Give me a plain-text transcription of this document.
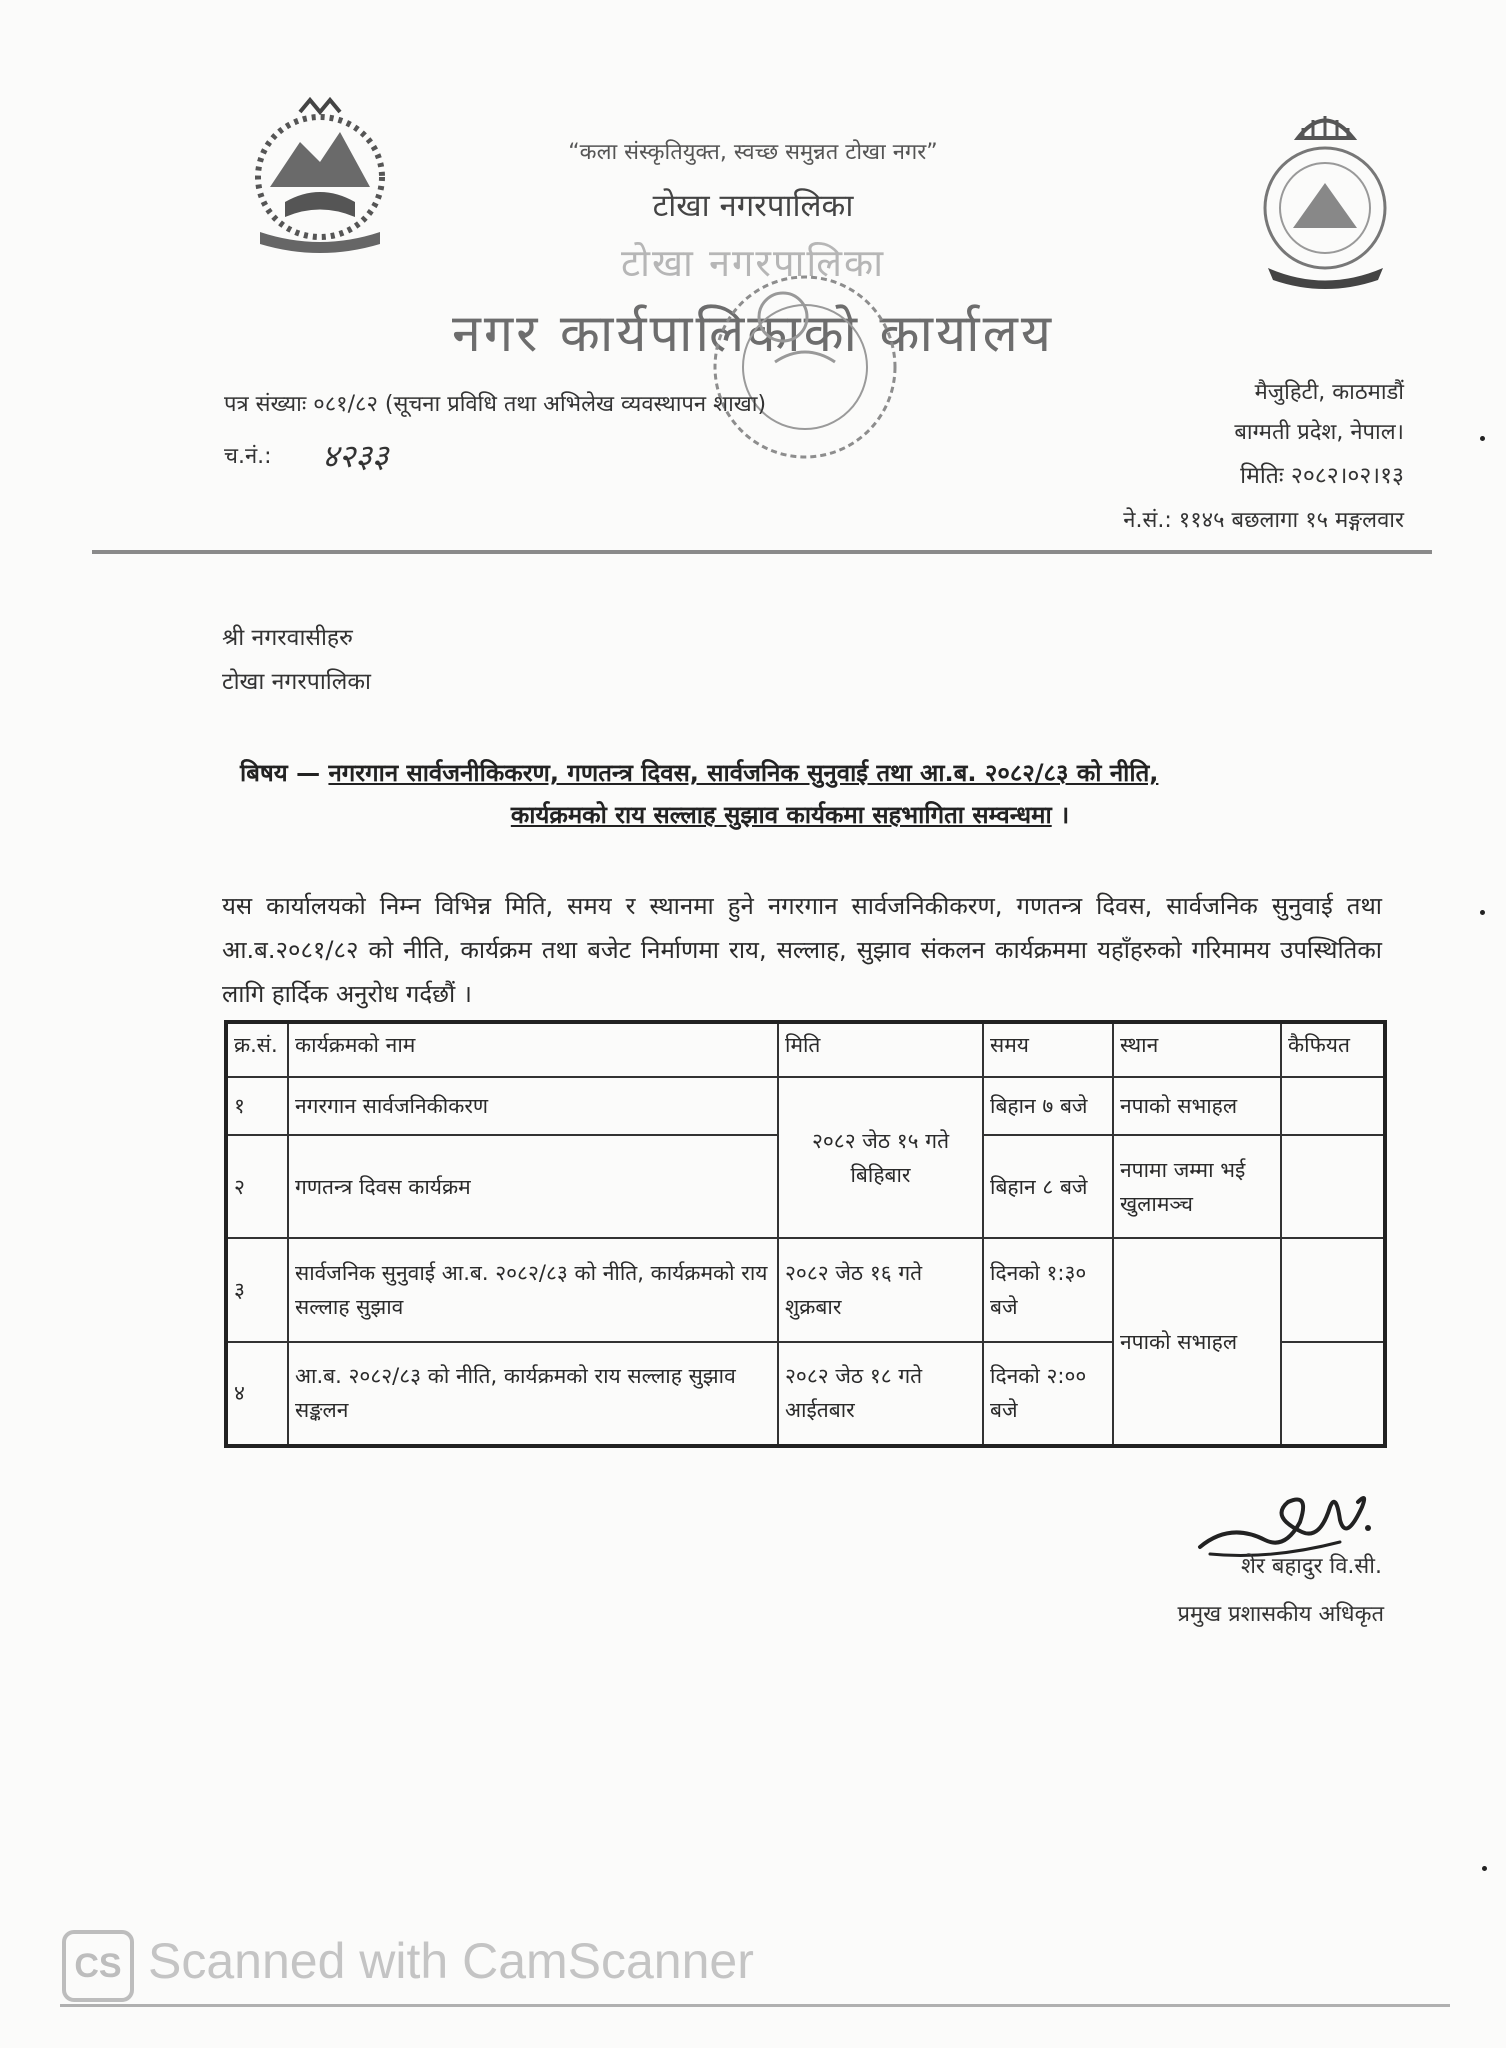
“कला संस्कृतियुक्त, स्वच्छ समुन्नत टोखा नगर”
टोखा नगरपालिका
टोखा नगरपालिका
नगर कार्यपालिकाको कार्यालय
पत्र संख्याः ०८१/८२ (सूचना प्रविधि तथा अभिलेख व्यवस्थापन शाखा)
च.नं.: ४२३३
मैजुहिटी, काठमाडौं
बाग्मती प्रदेश, नेपाल।
मितिः २०८२।०२।१३
ने.सं.: ११४५ बछलागा १५ मङ्गलवार
श्री नगरवासीहरु
टोखा नगरपालिका
बिषय — नगरगान सार्वजनीकिकरण, गणतन्त्र दिवस, सार्वजनिक सुनुवाई तथा आ.ब. २०८२/८३ को नीति,
कार्यक्रमको राय सल्लाह सुझाव कार्यकमा सहभागिता सम्वन्धमा ।
यस कार्यालयको निम्न विभिन्न मिति, समय र स्थानमा हुने नगरगान सार्वजनिकीकरण, गणतन्त्र दिवस, सार्वजनिक सुनुवाई तथा आ.ब.२०८१/८२ को नीति, कार्यक्रम तथा बजेट निर्माणमा राय, सल्लाह, सुझाव संकलन कार्यक्रममा यहाँहरुको गरिमामय उपस्थितिका लागि हार्दिक अनुरोध गर्दछौं ।
क्र.सं.	कार्यक्रमको नाम	मिति	समय	स्थान	कैफियत
१	नगरगान सार्वजनिकीकरण	२०८२ जेठ १५ गते बिहिबार	बिहान ७ बजे	नपाको सभाहल	
२	गणतन्त्र दिवस कार्यक्रम		बिहान ८ बजे	नपामा जम्मा भई खुलामञ्च	
३	सार्वजनिक सुनुवाई आ.ब. २०८२/८३ को नीति, कार्यक्रमको राय सल्लाह सुझाव	२०८२ जेठ १६ गते शुक्रबार	दिनको १:३० बजे	नपाको सभाहल	
४	आ.ब. २०८२/८३ को नीति, कार्यक्रमको राय सल्लाह सुझाव सङ्कलन	२०८२ जेठ १८ गते आईतबार	दिनको २:०० बजे		
शेर बहादुर वि.सी.
प्रमुख प्रशासकीय अधिकृत
CS Scanned with CamScanner
